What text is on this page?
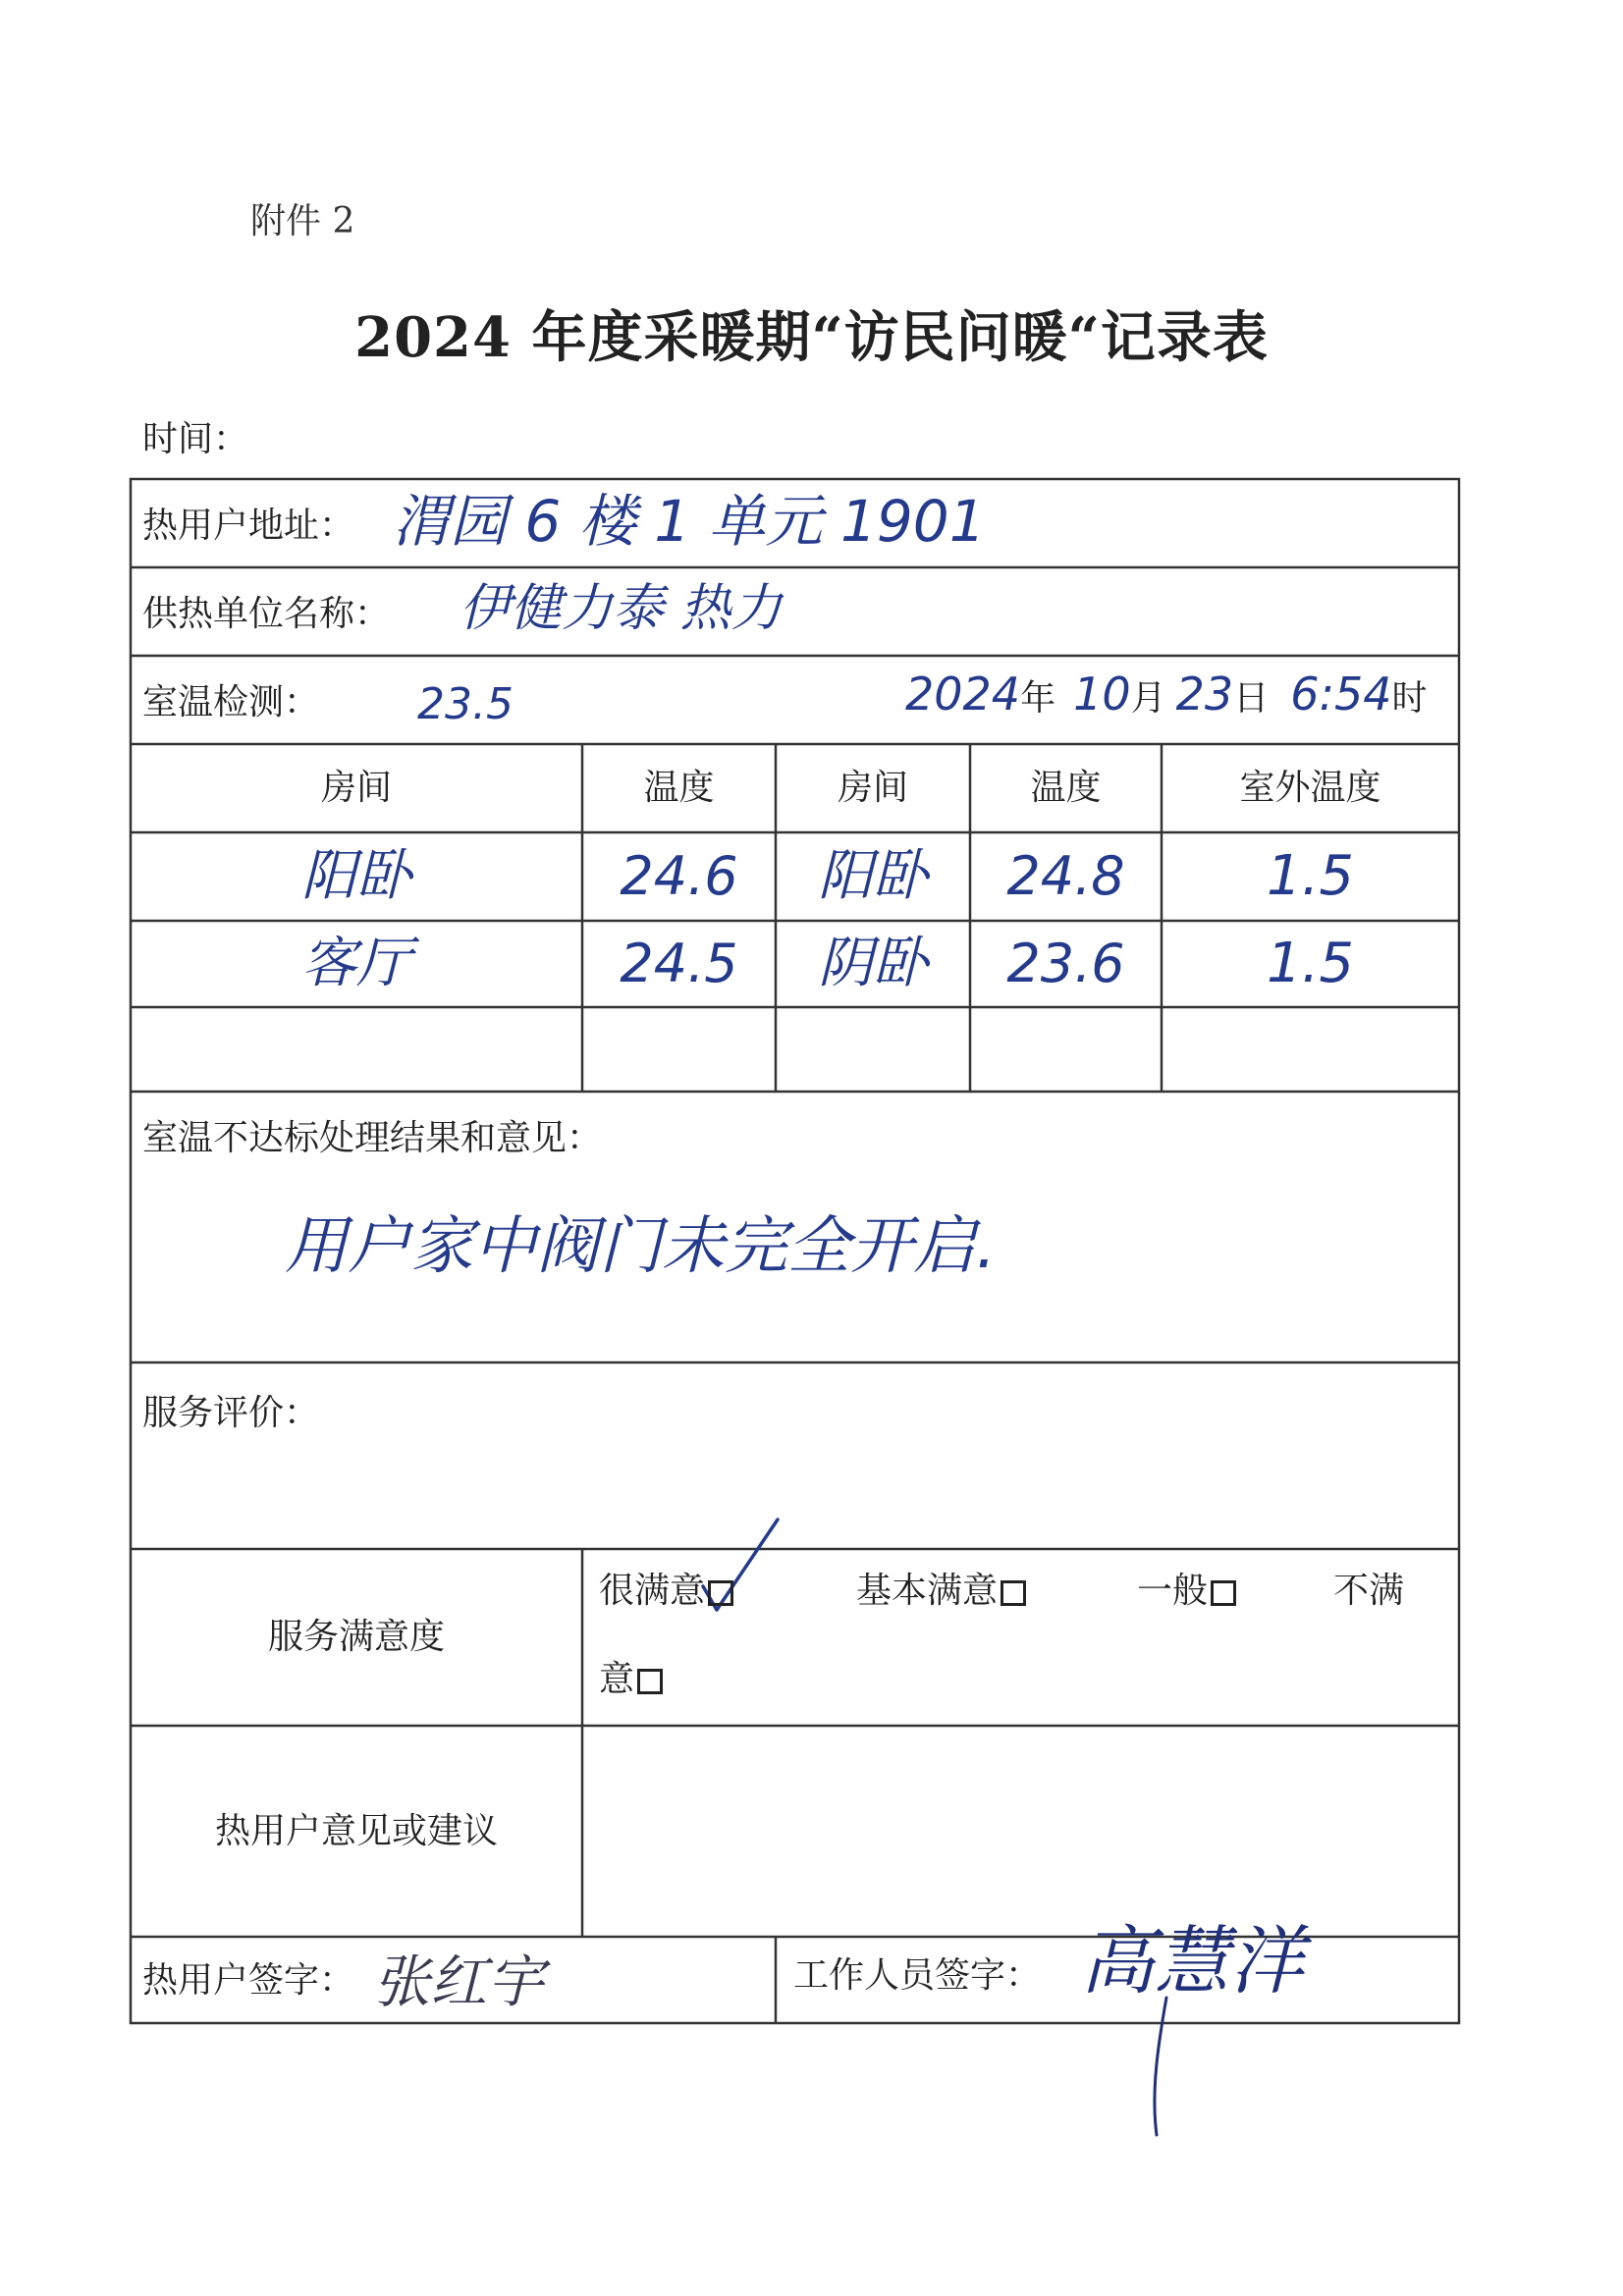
附件 2
2024 年度采暖期“访民问暖“记录表
时间：
热用户地址： 渭园 6 楼 1 单元 1901
供热单位名称： 伊健力泰 热力
室温检测： 23.5	2024年 10月 23日 6:54时
房间	温度	房间	温度	室外温度
阳卧	24.6	阳卧	24.8	1.5
客厅	24.5	阴卧	23.6	1.5
室温不达标处理结果和意见：
用户家中阀门未完全开启.
服务评价：
服务满意度
很满意	基本满意	一般	不满
意
热用户意见或建议
热用户签字： 张红宇	工作人员签字： 高慧洋
